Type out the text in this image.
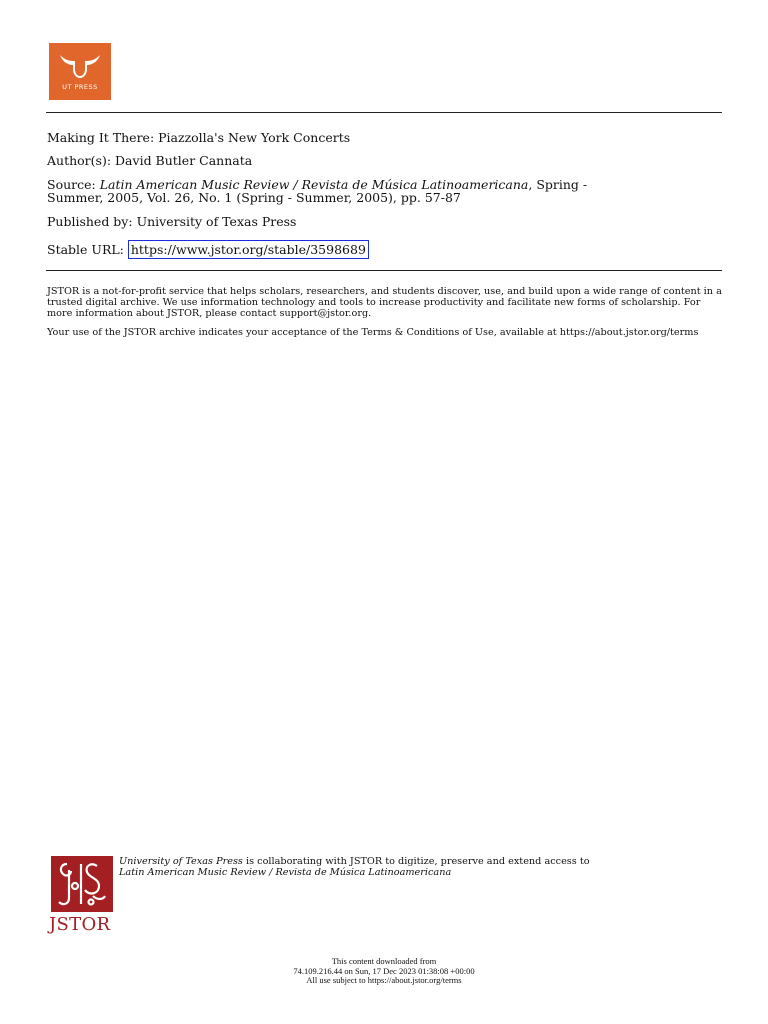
UT PRESS
Making It There: Piazzolla's New York Concerts
Author(s): David Butler Cannata
Source: Latin American Music Review / Revista de Música Latinoamericana, Spring -
Summer, 2005, Vol. 26, No. 1 (Spring - Summer, 2005), pp. 57-87
Published by: University of Texas Press
Stable URL: https://www.jstor.org/stable/3598689
JSTOR is a not-for-profit service that helps scholars, researchers, and students discover, use, and build upon a wide range of content in a trusted digital archive. We use information technology and tools to increase productivity and facilitate new forms of scholarship. For more information about JSTOR, please contact support@jstor.org.
Your use of the JSTOR archive indicates your acceptance of the Terms & Conditions of Use, available at https://about.jstor.org/terms
JSTOR
University of Texas Press is collaborating with JSTOR to digitize, preserve and extend access to
Latin American Music Review / Revista de Música Latinoamericana
This content downloaded from
74.109.216.44 on Sun, 17 Dec 2023 01:38:08 +00:00
All use subject to https://about.jstor.org/terms
